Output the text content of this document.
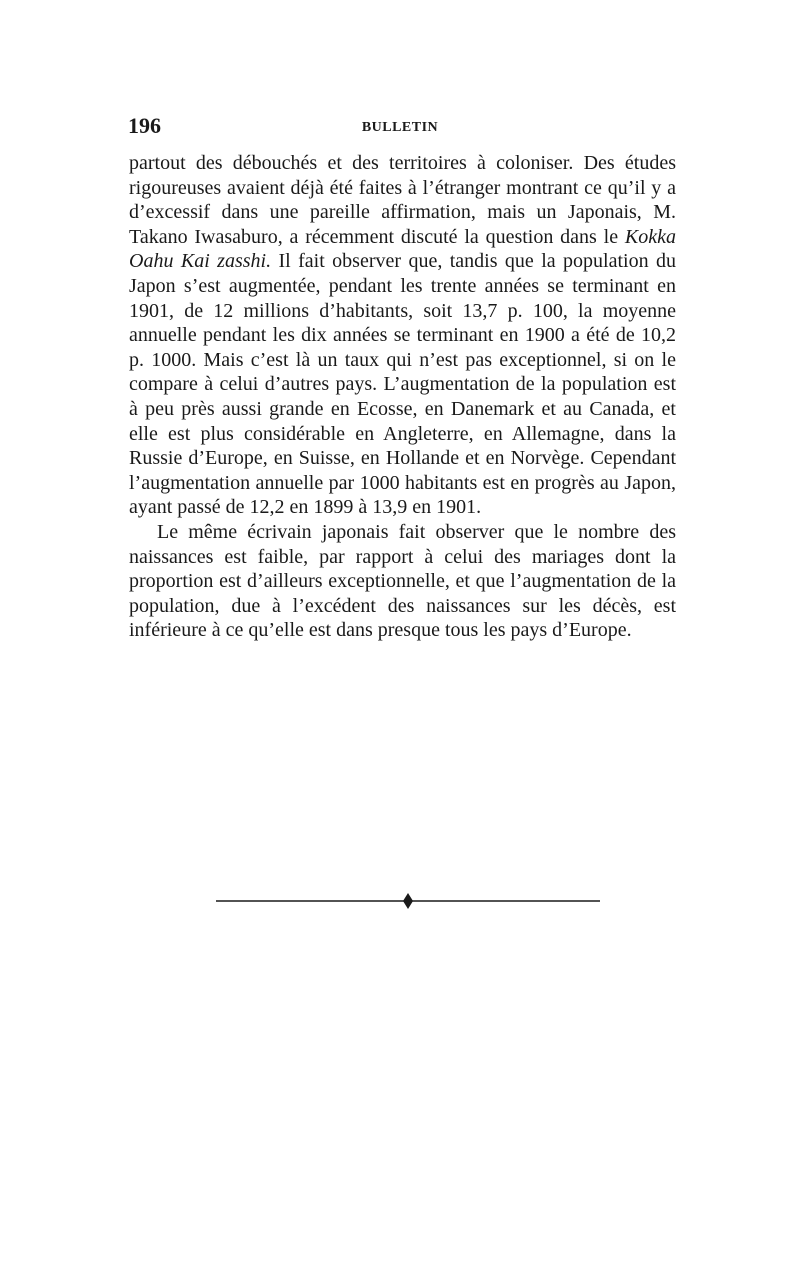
196	BULLETIN

partout des débouchés et des territoires à coloniser. Des études rigoureuses avaient déjà été faites à l’étranger montrant ce qu’il y a d’excessif dans une pareille affirmation, mais un Japonais, M. Takano Iwasaburo, a récemment discuté la question dans le Kokka Oahu Kai zasshi. Il fait observer que, tandis que la population du Japon s’est augmentée, pendant les trente années se terminant en 1901, de 12 millions d’habitants, soit 13,7 p. 100, la moyenne annuelle pendant les dix années se terminant en 1900 a été de 10,2 p. 1000. Mais c’est là un taux qui n’est pas exceptionnel, si on le compare à celui d’autres pays. L’augmentation de la population est à peu près aussi grande en Ecosse, en Danemark et au Canada, et elle est plus considérable en Angleterre, en Allemagne, dans la Russie d’Europe, en Suisse, en Hollande et en Norvège. Cependant l’augmentation annuelle par 1000 habitants est en progrès au Japon, ayant passé de 12,2 en 1899 à 13,9 en 1901.

Le même écrivain japonais fait observer que le nombre des naissances est faible, par rapport à celui des mariages dont la proportion est d’ailleurs exceptionnelle, et que l’augmentation de la population, due à l’excédent des naissances sur les décès, est inférieure à ce qu’elle est dans presque tous les pays d’Europe.
